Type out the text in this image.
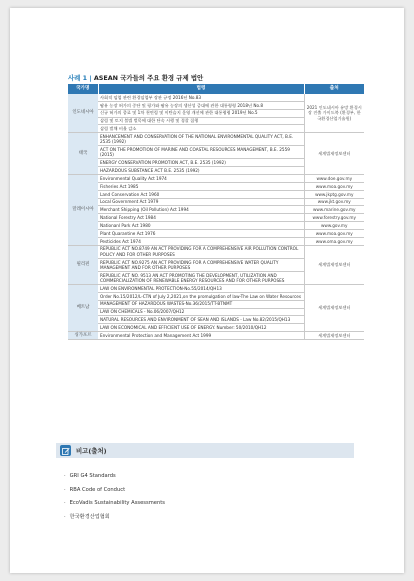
사례 1 | ASEAN 국가들의 주요 환경 규제 법안
국가명	법령	출처
인도네시아	사회적 임업 관련 환경임업부 장관 규정 2016년 No.83	2021 인도네시아 유망 환경시장 진출 가이드북 (환경부, 한국환경산업기술원)
	팜유 농장 허가의 중단 및 평가와 팜유 농장의 생산성 증대에 관한 대통령령 2018년 No.8	
	신규 허가의 종료 및 1차 천연림 및 이탄습지 운영 개선에 관한 대통령령 2019년 No.5	
	삼림 및 토지 불법 벌목에 대한 단속 시행 및 경찰 집행	
	삼림 벌채 비율 감소	
태국	ENHANCEMENT AND CONSERVATION OF THE NATIONAL ENVIRONMENTAL QUALITY ACT, B.E. 2535 (1992)	세계법제정보센터
	ACT ON THE PROMOTION OF MARINE AND COASTAL RESOURCES MANAGEMENT, B.E. 2559 (2015)	
	ENERGY CONSERVATION PROMOTION ACT, B.E. 2535 (1992)	
	HAZARDOUS SUBSTANCE ACT B.E. 2535 (1992)	
말레이시아	Environmental Quality Act 1974	www.doe.gov.my
	Fisheries Act 1985	www.moa.gov.my
	Land Conservation Act 1960	www.jkptg.gov.my
	Local Government Act 1979	www.jkt.gov.my
	Merchant Shipping (Oil Pollution) Act 1994	www.marine.gov.my
	National Forestry Act 1984	www.forestry.gov.my
	Nationanl Park Act 1980	www.gov.my
	Plant Quarantine Act 1976	www.moa.gov.my
	Pesticides Act 1974	www.oma.gov.my
필리핀	REPUBLIC ACT NO.8749 AN ACT PROVIDING FOR A COMPREHENSIVE AIR POLLUTION CONTROL POLICY AND FOR OTHER PURPOSES	세계법제정보센터
	REPUBLIC ACT NO.9275 AN ACT PROVIDING FOR A COMPREHENSIVE WATER QUALITY MANAGEMENT AND FOR OTHER PURPOSES	
	REPUBLIC ACT NO. 9513 AN ACT PROMOTING THE DEVELOPMENT, UTILIZATION AND COMMERCIALIZATION OF RENEWABLE ENERGY RESOURCES AND FOR OTHER PURPOSES	
베트남	LAW ON ENVIRONMENTAL PROTECTION-No.55/2014/QH13	세계법제정보센터
	Order No.15/2012/L-CTN of July 2,2021,on the promulgation of law-The Law on Water Resources	
	MANAGEMENT OF HAZARDOUS WASTES-No.36/2015/TT-BTNMT	
	LAW ON CHEMICALS - No.06/2007/QH12	
	NATURAL RESOURCES AND ENVIRONMENT OF SEAN AND ISLANDS - Law No.82/2015/QH13	
	LAW ON ECONOMICAL AND EFFICIENT USE OF ENERGY. Number: 50/2010/QH12	
싱가포르	Environmental Protection and Management Act 1999	세계법제정보센터
비고(출처)
· GRI G4 Standards
· RBA Code of Conduct
· EcoVadis Sustainability Assessments
· 한국환경산업협회
